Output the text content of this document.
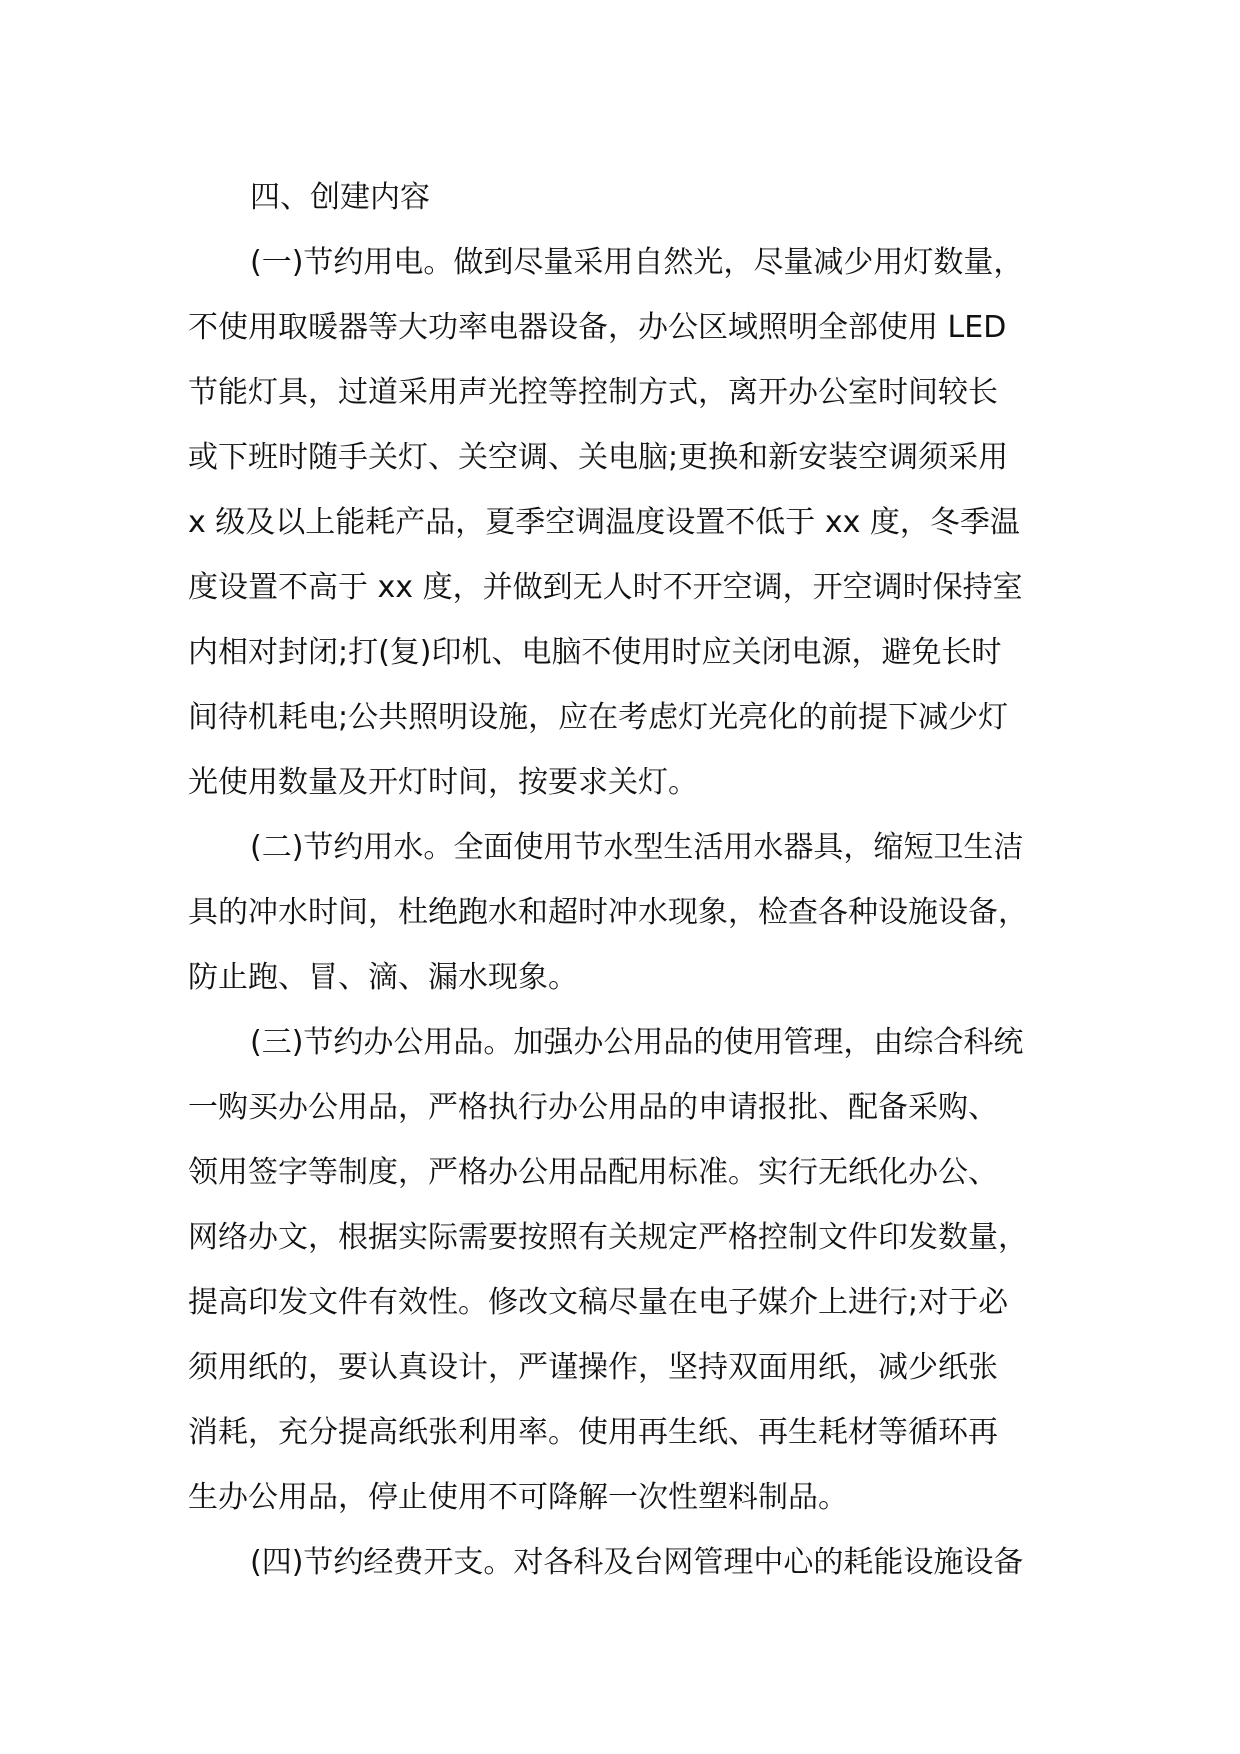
四、创建内容
(一)节约用电。做到尽量采用自然光，尽量减少用灯数量，
不使用取暖器等大功率电器设备，办公区域照明全部使用 LED
节能灯具，过道采用声光控等控制方式，离开办公室时间较长
或下班时随手关灯、关空调、关电脑;更换和新安装空调须采用
x 级及以上能耗产品，夏季空调温度设置不低于 xx 度，冬季温
度设置不高于 xx 度，并做到无人时不开空调，开空调时保持室
内相对封闭;打(复)印机、电脑不使用时应关闭电源，避免长时
间待机耗电;公共照明设施，应在考虑灯光亮化的前提下减少灯
光使用数量及开灯时间，按要求关灯。
(二)节约用水。全面使用节水型生活用水器具，缩短卫生洁
具的冲水时间，杜绝跑水和超时冲水现象，检查各种设施设备，
防止跑、冒、滴、漏水现象。
(三)节约办公用品。加强办公用品的使用管理，由综合科统
一购买办公用品，严格执行办公用品的申请报批、配备采购、
领用签字等制度，严格办公用品配用标准。实行无纸化办公、
网络办文，根据实际需要按照有关规定严格控制文件印发数量，
提高印发文件有效性。修改文稿尽量在电子媒介上进行;对于必
须用纸的，要认真设计，严谨操作，坚持双面用纸，减少纸张
消耗，充分提高纸张利用率。使用再生纸、再生耗材等循环再
生办公用品，停止使用不可降解一次性塑料制品。
(四)节约经费开支。对各科及台网管理中心的耗能设施设备
